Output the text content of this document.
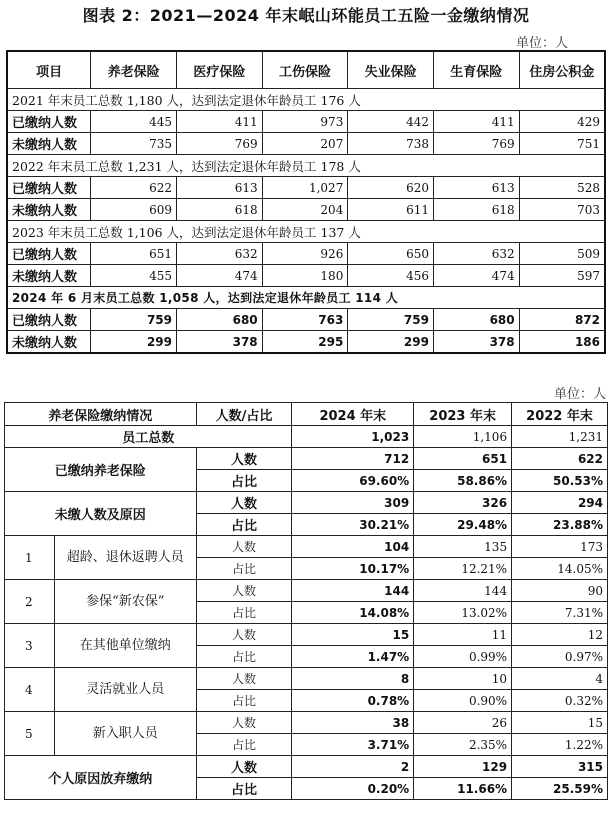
图表 2：2021—2024 年末岷山环能员工五险一金缴纳情况
单位：人
项目	养老保险	医疗保险	工伤保险	失业保险	生育保险	住房公积金
2021 年末员工总数 1,180 人，达到法定退休年龄员工 176 人						
已缴纳人数	445	411	973	442	411	429
未缴纳人数	735	769	207	738	769	751
2022 年末员工总数 1,231 人，达到法定退休年龄员工 178 人						
已缴纳人数	622	613	1,027	620	613	528
未缴纳人数	609	618	204	611	618	703
2023 年末员工总数 1,106 人，达到法定退休年龄员工 137 人						
已缴纳人数	651	632	926	650	632	509
未缴纳人数	455	474	180	456	474	597
2024 年 6 月末员工总数 1,058 人，达到法定退休年龄员工 114 人						
已缴纳人数	759	680	763	759	680	872
未缴纳人数	299	378	295	299	378	186
单位：人
养老保险缴纳情况		人数/占比	2024 年末	2023 年末	2022 年末
员工总数			1,023	1,106	1,231
已缴纳养老保险		人数	712	651	622
		占比	69.60%	58.86%	50.53%
未缴人数及原因		人数	309	326	294
		占比	30.21%	29.48%	23.88%
1	超龄、退休返聘人员	人数	104	135	173
		占比	10.17%	12.21%	14.05%
2	参保“新农保”	人数	144	144	90
		占比	14.08%	13.02%	7.31%
3	在其他单位缴纳	人数	15	11	12
		占比	1.47%	0.99%	0.97%
4	灵活就业人员	人数	8	10	4
		占比	0.78%	0.90%	0.32%
5	新入职人员	人数	38	26	15
		占比	3.71%	2.35%	1.22%
个人原因放弃缴纳		人数	2	129	315
		占比	0.20%	11.66%	25.59%
